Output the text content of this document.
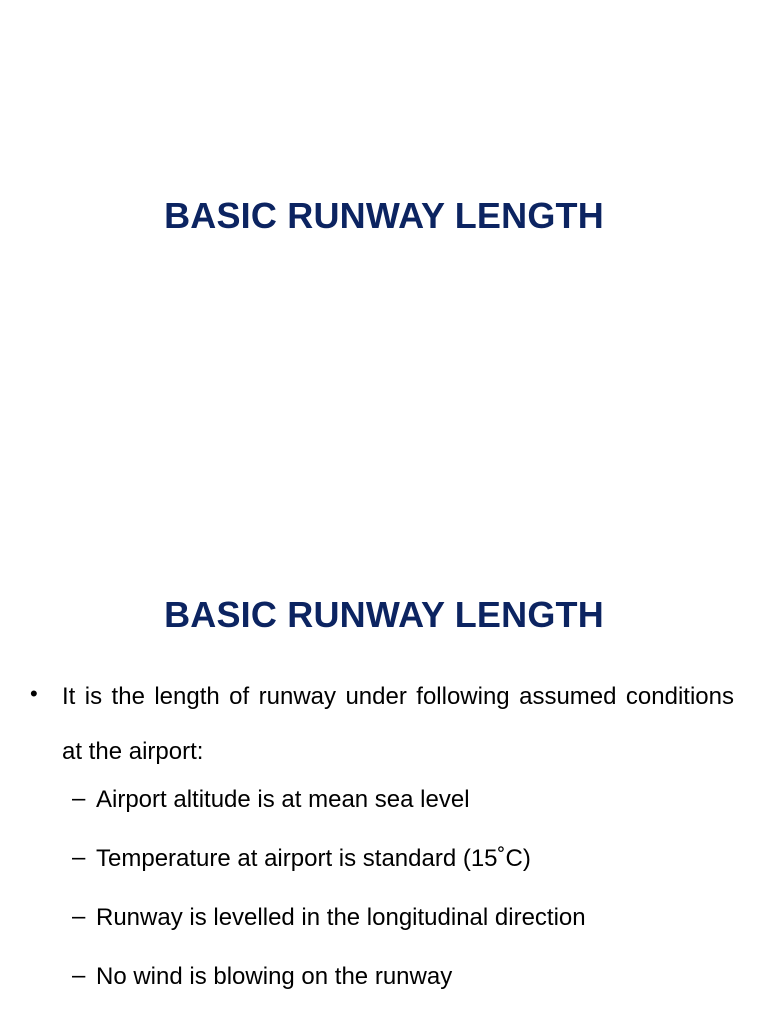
BASIC RUNWAY LENGTH
BASIC RUNWAY LENGTH
• It is the length of runway under following assumed conditions at the airport:
– Airport altitude is at mean sea level
– Temperature at airport is standard (15˚C)
– Runway is levelled in the longitudinal direction
– No wind is blowing on the runway
